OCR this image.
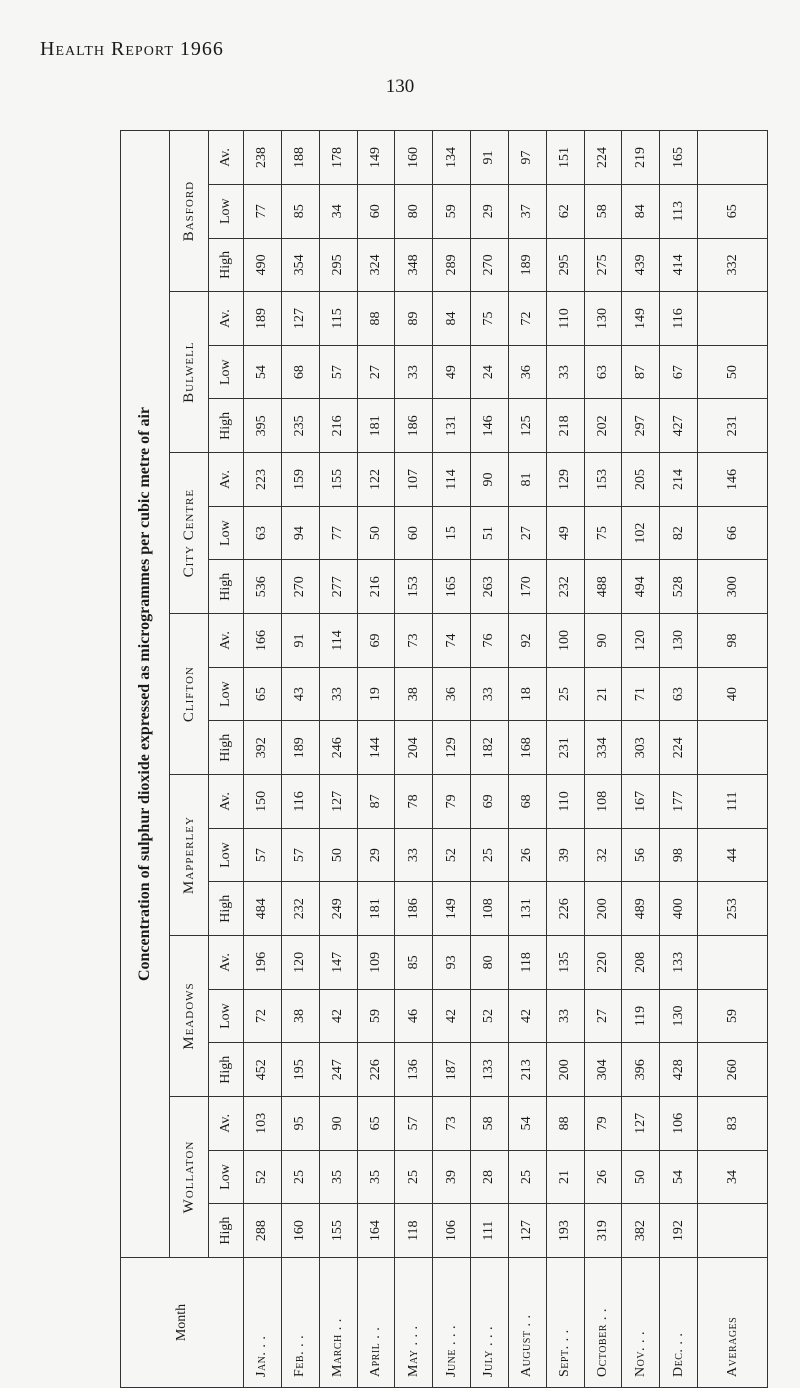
Health Report 1966
130
Month	Concentration of sulphur dioxide expressed as microgrammes per cubic metre of air																				
	Wollaton			Meadows			Mapperley			Clifton			City Centre			Bulwell			Basford		
	High	Low	Av.	High	Low	Av.	High	Low	Av.	High	Low	Av.	High	Low	Av.	High	Low	Av.	High	Low	Av.
Jan. . .	288	52	103	452	72	196	484	57	150	392	65	166	536	63	223	395	54	189	490	77	238
Feb. . .	160	25	95	195	38	120	232	57	116	189	43	91	270	94	159	235	68	127	354	85	188
March . .	155	35	90	247	42	147	249	50	127	246	33	114	277	77	155	216	57	115	295	34	178
April . .	164	35	65	226	59	109	181	29	87	144	19	69	216	50	122	181	27	88	324	60	149
May . . .	118	25	57	136	46	85	186	33	78	204	38	73	153	60	107	186	33	89	348	80	160
June . . .	106	39	73	187	42	93	149	52	79	129	36	74	165	15	114	131	49	84	289	59	134
July . . .	111	28	58	133	52	80	108	25	69	182	33	76	263	51	90	146	24	75	270	29	91
August . .	127	25	54	213	42	118	131	26	68	168	18	92	170	27	81	125	36	72	189	37	97
Sept. . .	193	21	88	200	33	135	226	39	110	231	25	100	232	49	129	218	33	110	295	62	151
October . .	319	26	79	304	27	220	200	32	108	334	21	90	488	75	153	202	63	130	275	58	224
Nov. . .	382	50	127	396	119	208	489	56	167	303	71	120	494	102	205	297	87	149	439	84	219
Dec. . .	192	54	106	428	130	133	400	98	177	224	63	130	528	82	214	427	67	116	414	113	165
Averages		34	83	260	59		253	44	111		40	98	300	66	146	231	50		332	65	
